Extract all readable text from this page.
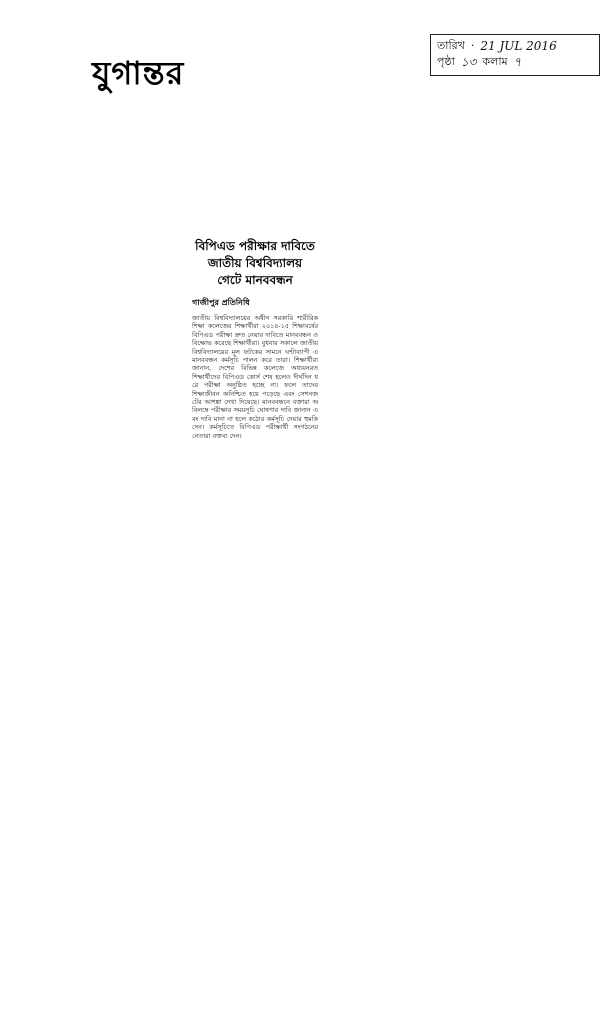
যুগান্তর
তারিখ · 21 JUL 2016
পৃষ্ঠা ১৩ কলাম ৭
বিপিএড পরীক্ষার দাবিতে
জাতীয় বিশ্ববিদ্যালয়
গেটে মানববন্ধন
গাজীপুর প্রতিনিধি
জাতীয় বিশ্ববিদ্যালয়ের অধীন সরকারি শারীরিক শিক্ষা কলেজের শিক্ষার্থীরা ২০১৪-১৫ শিক্ষাবর্ষের বিপিএড পরীক্ষা দ্রুত নেয়ার দাবিতে মানববন্ধন ও বিক্ষোভ করেছে শিক্ষার্থীরা। বুধবার সকালে জাতীয় বিশ্ববিদ্যালয়ের মূল ফটকের সামনে ঘণ্টাব্যাপী এ মানববন্ধন কর্মসূচি পালন করে তারা। শিক্ষার্থীরা জানান, দেশের বিভিন্ন কলেজে অধ্যয়নরত শিক্ষার্থীদের বিপিএড কোর্স শেষ হলেও দীর্ঘদিন ধরে পরীক্ষা অনুষ্ঠিত হচ্ছে না। ফলে তাদের শিক্ষাজীবন অনিশ্চিত হয়ে পড়েছে এবং সেশনজটের আশঙ্কা দেখা দিয়েছে। মানববন্ধনে বক্তারা অবিলম্বে পরীক্ষার সময়সূচি ঘোষণার দাবি জানান এবং দাবি মানা না হলে কঠোর কর্মসূচি দেয়ার হুমকি দেন। কর্মসূচিতে বিপিএড পরীক্ষার্থী সংগঠনের নেতারা বক্তব্য দেন।
